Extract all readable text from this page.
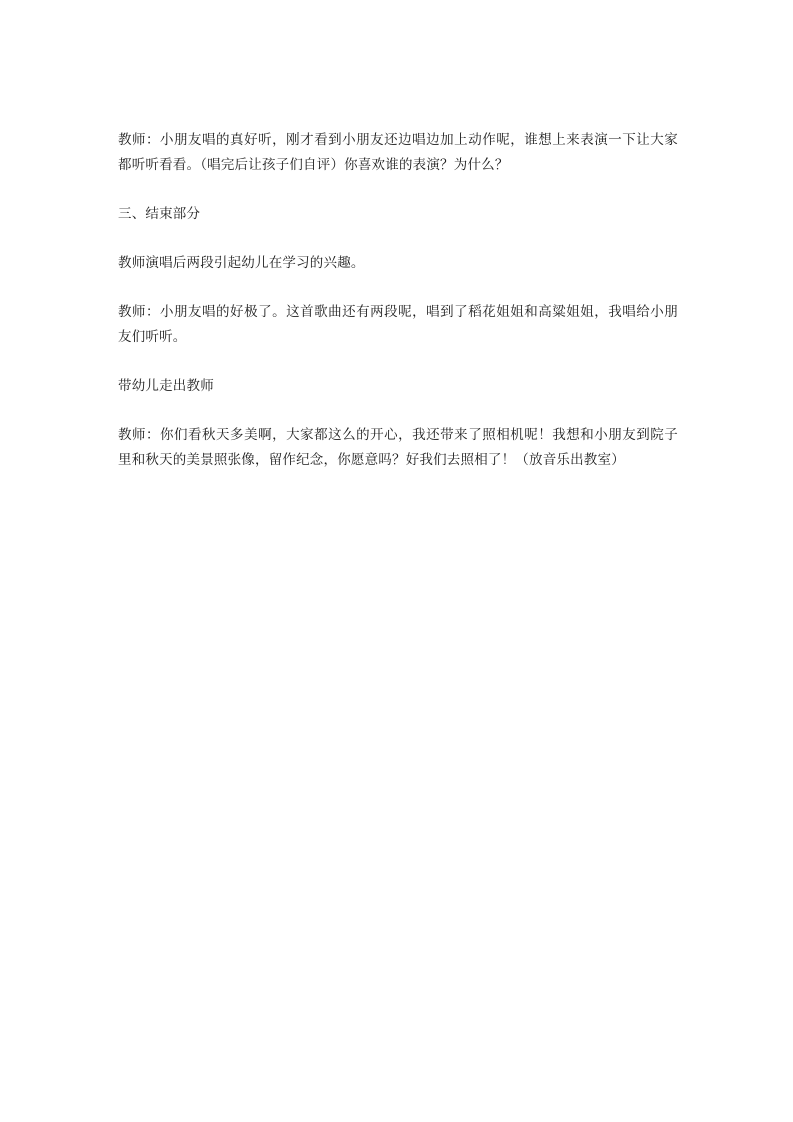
教师：小朋友唱的真好听，刚才看到小朋友还边唱边加上动作呢，谁想上来表演一下让大家都听听看看。（唱完后让孩子们自评）你喜欢谁的表演？为什么？

三、结束部分

教师演唱后两段引起幼儿在学习的兴趣。

教师：小朋友唱的好极了。这首歌曲还有两段呢，唱到了稻花姐姐和高粱姐姐，我唱给小朋友们听听。

带幼儿走出教师

教师：你们看秋天多美啊，大家都这么的开心，我还带来了照相机呢！我想和小朋友到院子里和秋天的美景照张像，留作纪念，你愿意吗？好我们去照相了！（放音乐出教室）
